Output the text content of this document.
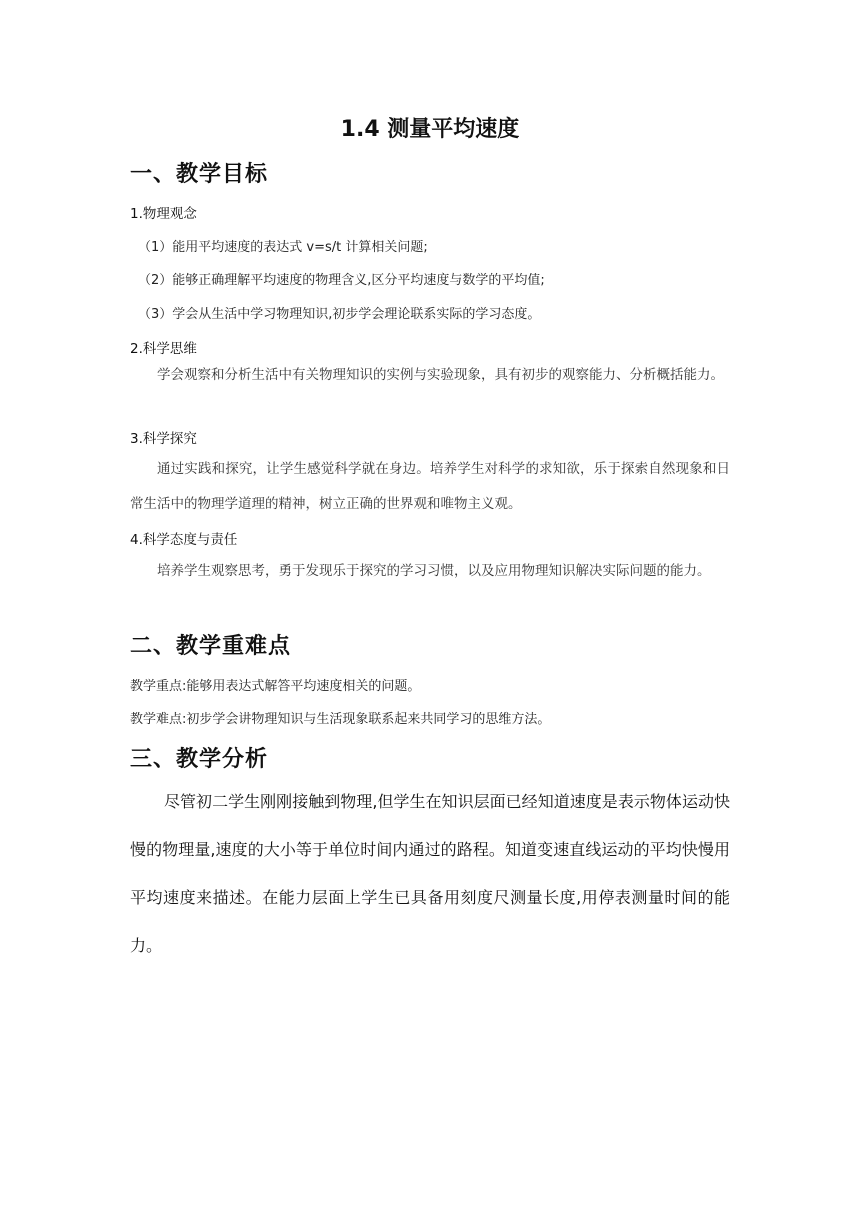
1.4 测量平均速度
一、教学目标
1.物理观念
（1）能用平均速度的表达式 v=s/t 计算相关问题;
（2）能够正确理解平均速度的物理含义,区分平均速度与数学的平均值;
（3）学会从生活中学习物理知识,初步学会理论联系实际的学习态度。
2.科学思维

学会观察和分析生活中有关物理知识的实例与实验现象，具有初步的观察能力、分析概括能力。

3.科学探究

通过实践和探究，让学生感觉科学就在身边。培养学生对科学的求知欲，乐于探索自然现象和日常生活中的物理学道理的精神，树立正确的世界观和唯物主义观。

4.科学态度与责任

培养学生观察思考，勇于发现乐于探究的学习习惯，以及应用物理知识解决实际问题的能力。

二、教学重难点
教学重点:能够用表达式解答平均速度相关的问题。
教学难点:初步学会讲物理知识与生活现象联系起来共同学习的思维方法。
三、教学分析

尽管初二学生刚刚接触到物理,但学生在知识层面已经知道速度是表示物体运动快慢的物理量,速度的大小等于单位时间内通过的路程。知道变速直线运动的平均快慢用平均速度来描述。在能力层面上学生已具备用刻度尺测量长度,用停表测量时间的能力。
